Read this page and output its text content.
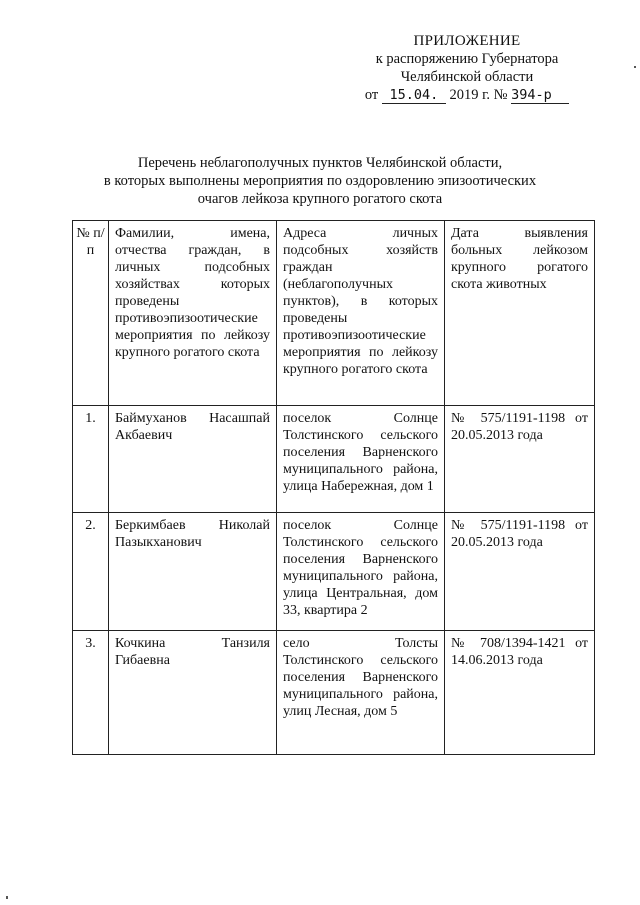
ПРИЛОЖЕНИЕ
к распоряжению Губернатора
Челябинской области
от 15.04. 2019 г. № 394-р
Перечень неблагополучных пунктов Челябинской области,
в которых выполнены мероприятия по оздоровлению эпизоотических
очагов лейкоза крупного рогатого скота
№ п/п	Фамилии, имена, отчества граждан, в личных подсобных хозяйствах которых проведены противоэпизоотические мероприятия по лейкозу крупного рогатого скота	Адреса личных подсобных хозяйств граждан (неблагополучных пунктов), в которых проведены противоэпизоотические мероприятия по лейкозу крупного рогатого скота	Дата выявления больных лейкозом крупного рогатого скота животных
1.	Баймуханов Насашпай Акбаевич	поселок Солнце Толстинского сельского поселения Варненского муниципального района, улица Набережная, дом 1	№ 575/1191-1198 от 20.05.2013 года
2.	Беркимбаев Николай Пазыкханович	поселок Солнце Толстинского сельского поселения Варненского муниципального района, улица Центральная, дом 33, квартира 2	№ 575/1191-1198 от 20.05.2013 года
3.	Кочкина Танзиля Гибаевна	село Толсты Толстинского сельского поселения Варненского муниципального района, улиц Лесная, дом 5	№ 708/1394-1421 от 14.06.2013 года
